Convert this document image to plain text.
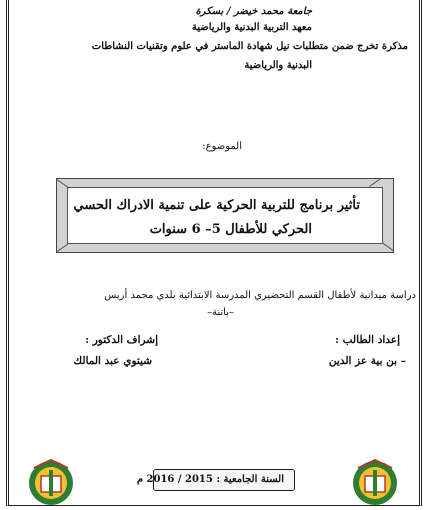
جامعة محمد خيضر / بسكرة
معهد التربية البدنية والرياضية
مذكرة تخرج ضمن متطلبات نيل شهادة الماستر في علوم وتقنيات النشاطات
البدنية والرياضية
الموضوع:
تأثير برنامج للتربية الحركية على تنمية الادراك الحسي
الحركي للأطفال 5– 6 سنوات
دراسة ميدانية لأطفال القسم التحضيري المدرسة الابتدائية بلدي محمد أريس
–باتنة–
إعداد الطالب :
إشراف الدكتور :
– بن بية عز الدين
شيتوي عبد المالك
السنة الجامعية : 2015 / 2016 م
